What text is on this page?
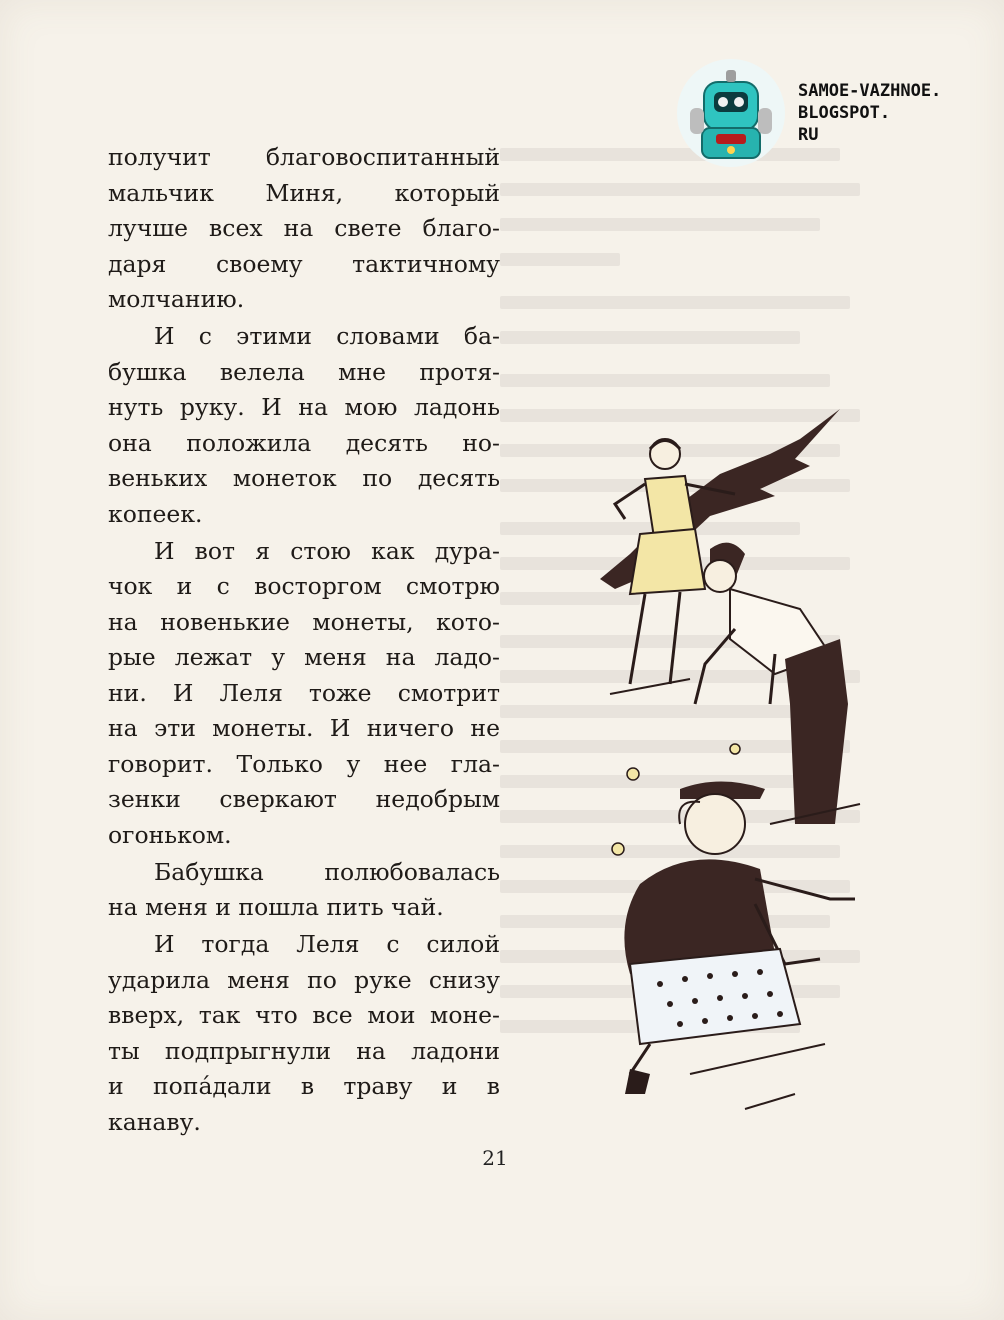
SAMOE-VAZHNOE.
BLOGSPOT.
RU

получит благовоспитанный
мальчик Миня, который
лучше всех на свете благо-
даря своему тактичному
молчанию.
И с этими словами ба-
бушка велела мне протя-
нуть руку. И на мою ладонь
она положила десять но-
веньких монеток по десять
копеек.
И вот я стою как дура-
чок и с восторгом смотрю
на новенькие монеты, кото-
рые лежат у меня на ладо-
ни. И Леля тоже смотрит
на эти монеты. И ничего не
говорит. Только у нее гла-
зенки сверкают недобрым
огоньком.
Бабушка полюбовалась
на меня и пошла пить чай.
И тогда Леля с силой
ударила меня по руке снизу
вверх, так что все мои моне-
ты подпрыгнули на ладони
и попа́дали в траву и в
канаву.
21
